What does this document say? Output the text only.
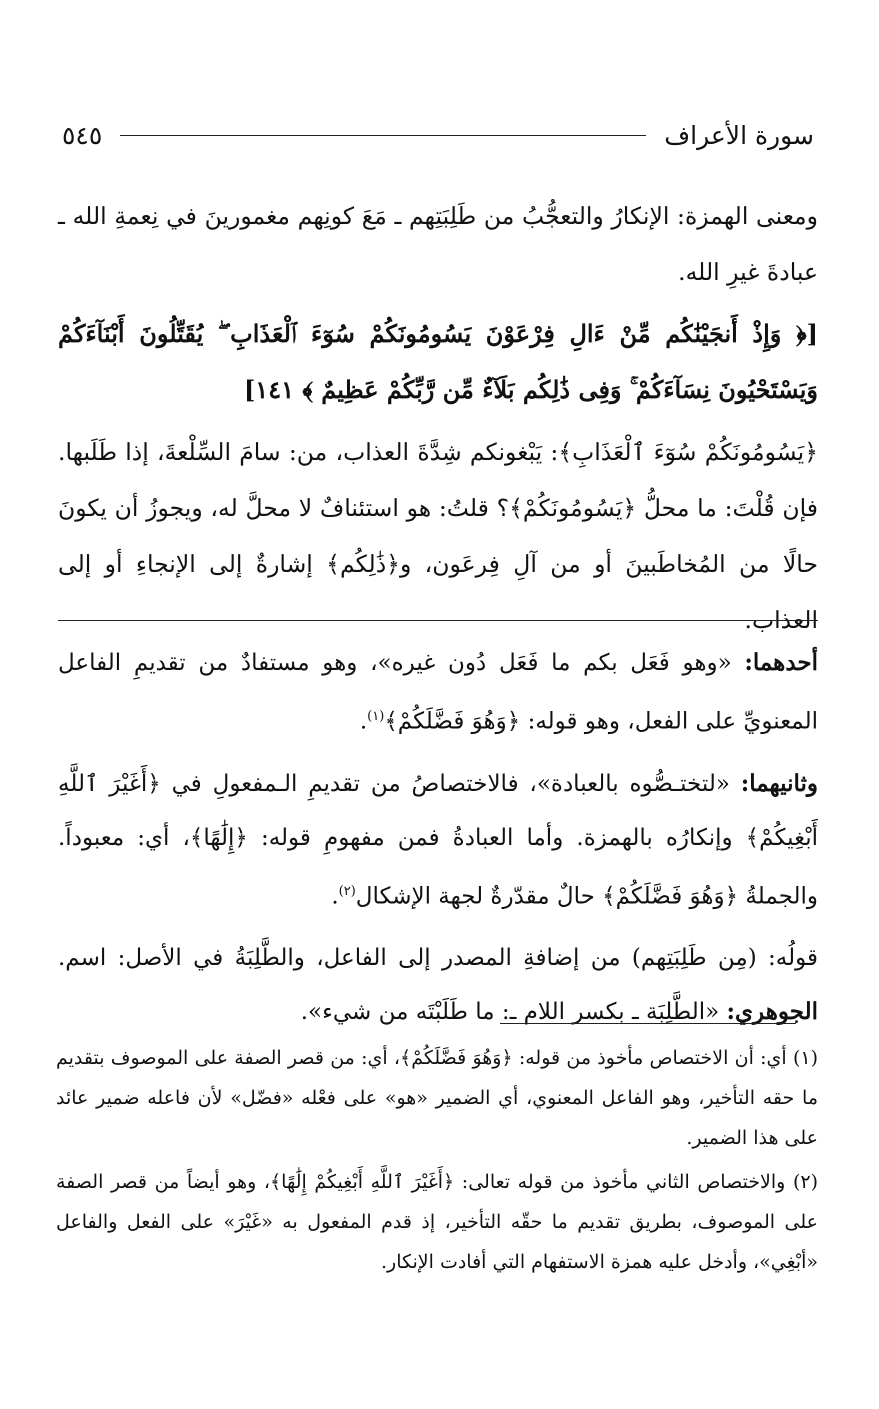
سورة الأعراف
٥٤٥

ومعنى الهمزة: الإنكارُ والتعجُّبُ من طَلِبَتِهم ـ مَعَ كونِهم مغمورينَ في نِعمةِ الله ـ عبادةَ غيرِ الله.

[﴿ وَإِذْ أَنجَيْنَٰكُم مِّنْ ءَالِ فِرْعَوْنَ يَسُومُونَكُمْ سُوٓءَ ٱلْعَذَابِ ۖ يُقَتِّلُونَ أَبْنَآءَكُمْ وَيَسْتَحْيُونَ نِسَآءَكُمْ ۚ وَفِى ذَٰلِكُم بَلَآءٌ مِّن رَّبِّكُمْ عَظِيمٌ ﴾ ١٤١]

﴿يَسُومُونَكُمْ سُوٓءَ ٱلْعَذَابِ﴾: يَبْغونكم شِدَّةَ العذاب، من: سامَ السِّلْعةَ، إذا طَلَبها. فإن قُلْتَ: ما محلُّ ﴿يَسُومُونَكُمْ﴾؟ قلتُ: هو استئنافٌ لا محلَّ له، ويجوزُ أن يكونَ حالًا من المُخاطَبينَ أو من آلِ فِرعَون، و﴿ذَٰلِكُم﴾ إشارةٌ إلى الإنجاءِ أو إلى العذاب.

أحدهما: «وهو فَعَل بكم ما فَعَل دُون غيره»، وهو مستفادٌ من تقديمِ الفاعل المعنويِّ على الفعل، وهو قوله: ﴿وَهُوَ فَضَّلَكُمْ﴾$^{(١)}$.

وثانيهما: «لتختـصُّوه بالعبادة»، فالاختصاصُ من تقديمِ الـمفعولِ في ﴿أَغَيْرَ ٱللَّهِ أَبْغِيكُمْ﴾ وإنكارُه بالهمزة. وأما العبادةُ فمن مفهومِ قوله: ﴿إِلَٰهًا﴾، أي: معبوداً. والجملةُ ﴿وَهُوَ فَضَّلَكُمْ﴾ حالٌ مقدّرةٌ لجهة الإشكال$^{(٢)}$.

قولُه: (مِن طَلِبَتِهم) من إضافةِ المصدر إلى الفاعل، والطَّلِبَةُ في الأصل: اسم. الجوهري: «الطَّلِبَة ـ بكسر اللام ـ: ما طَلَبْتَه من شيء».

(١) أي: أن الاختصاص مأخوذ من قوله: ﴿وَهُوَ فَضَّلَكُمْ﴾، أي: من قصر الصفة على الموصوف بتقديم ما حقه التأخير، وهو الفاعل المعنوي، أي الضمير «هو» على فعْله «فضّل» لأن فاعله ضمير عائد على هذا الضمير.

(٢) والاختصاص الثاني مأخوذ من قوله تعالى: ﴿أَغَيْرَ ٱللَّهِ أَبْغِيكُمْ إِلَٰهًا﴾، وهو أيضاً من قصر الصفة على الموصوف، بطريق تقديم ما حقّه التأخير، إذ قدم المفعول به «غَيْرَ» على الفعل والفاعل «أبْغِي»، وأدخل عليه همزة الاستفهام التي أفادت الإنكار.
